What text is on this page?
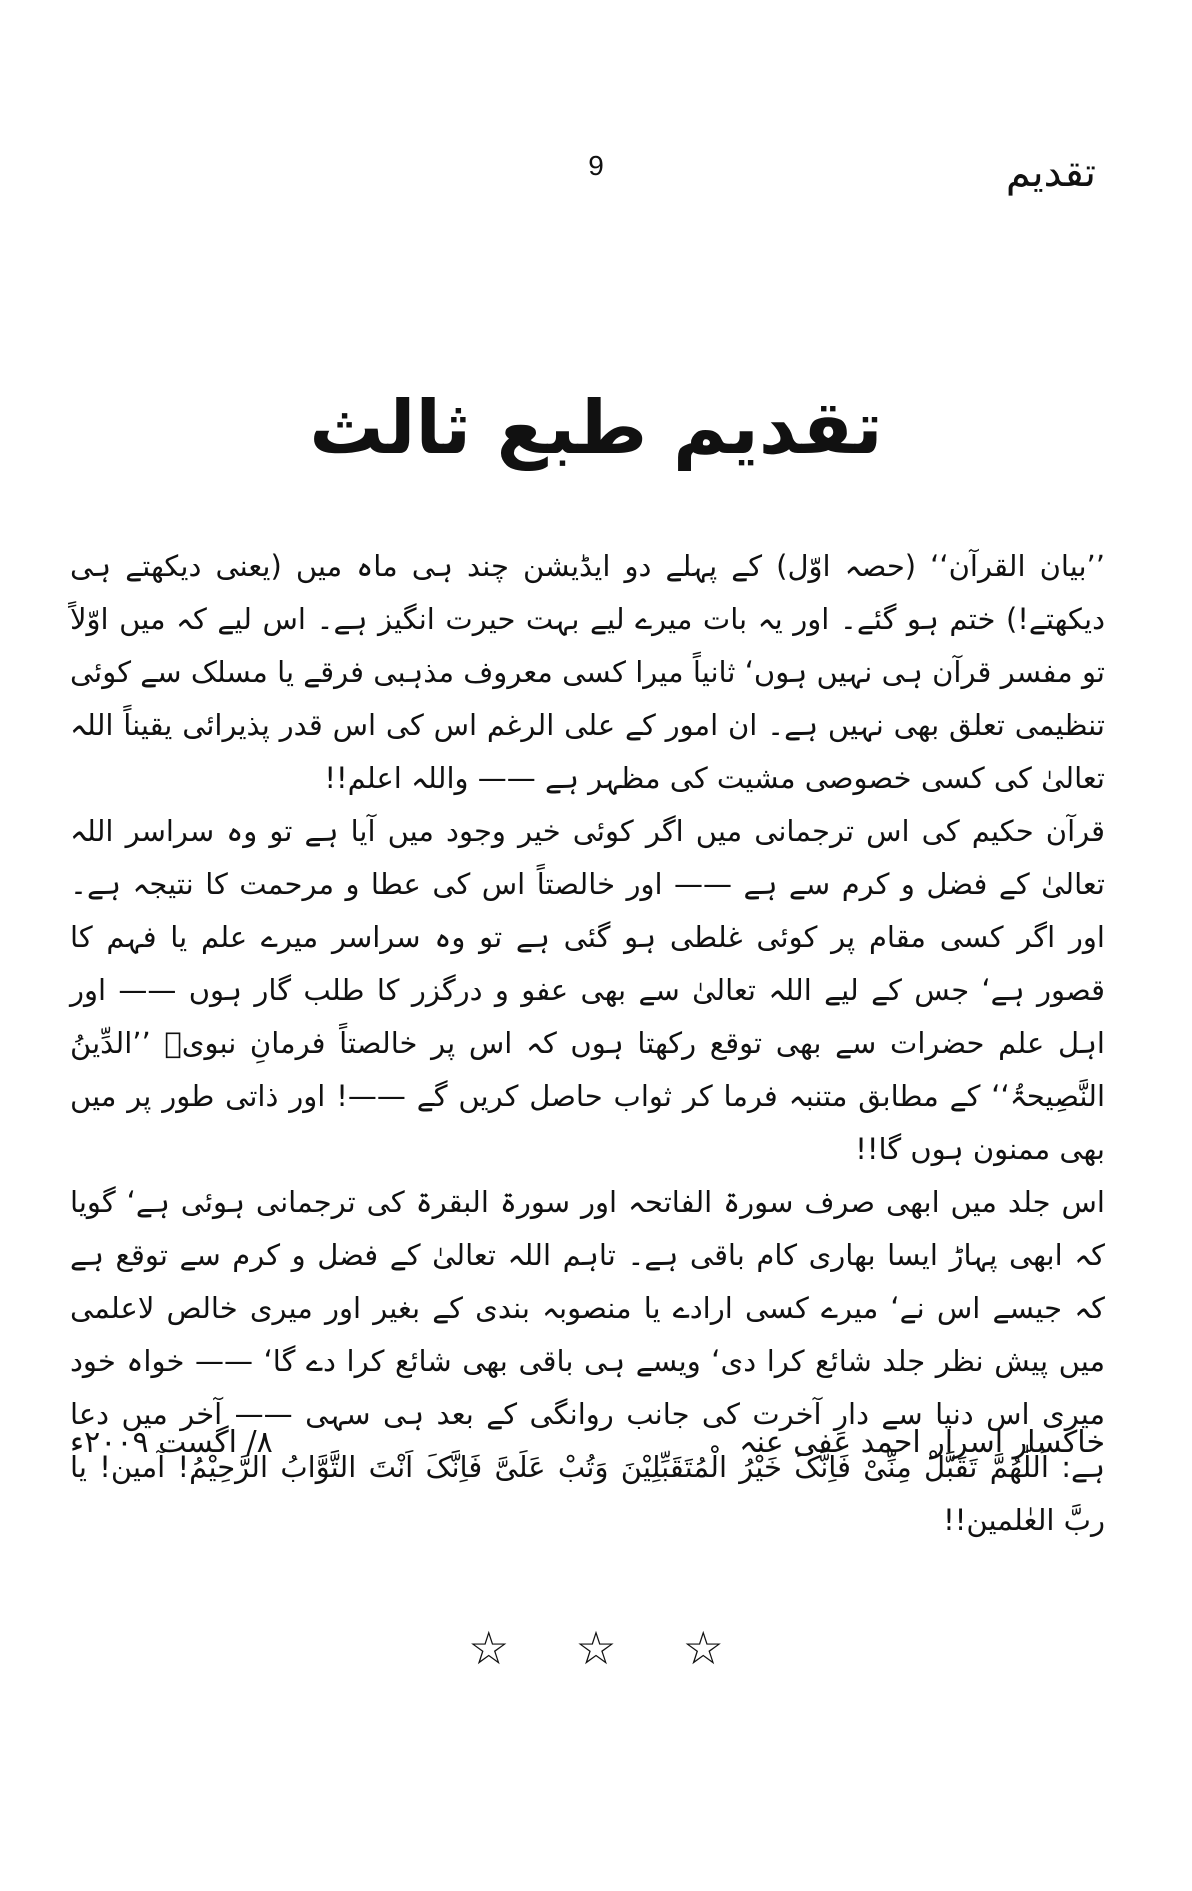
تقدیم
9
تقدیم طبع ثالث

’’بیان القرآن‘‘ (حصہ اوّل) کے پہلے دو ایڈیشن چند ہی ماہ میں (یعنی دیکھتے ہی دیکھتے!) ختم ہو گئے۔ اور یہ بات میرے لیے بہت حیرت انگیز ہے۔ اس لیے کہ میں اوّلاً تو مفسر قرآن ہی نہیں ہوں‘ ثانیاً میرا کسی معروف مذہبی فرقے یا مسلک سے کوئی تنظیمی تعلق بھی نہیں ہے۔ ان امور کے علی الرغم اس کی اس قدر پذیرائی یقیناً اللہ تعالیٰ کی کسی خصوصی مشیت کی مظہر ہے —— واللہ اعلم!!

قرآن حکیم کی اس ترجمانی میں اگر کوئی خیر وجود میں آیا ہے تو وہ سراسر اللہ تعالیٰ کے فضل و کرم سے ہے —— اور خالصتاً اس کی عطا و مرحمت کا نتیجہ ہے۔ اور اگر کسی مقام پر کوئی غلطی ہو گئی ہے تو وہ سراسر میرے علم یا فہم کا قصور ہے‘ جس کے لیے اللہ تعالیٰ سے بھی عفو و درگزر کا طلب گار ہوں —— اور اہل علم حضرات سے بھی توقع رکھتا ہوں کہ اس پر خالصتاً فرمانِ نبویؐ ’’الدِّینُ النَّصِیحۃُ‘‘ کے مطابق متنبہ فرما کر ثواب حاصل کریں گے ——! اور ذاتی طور پر میں بھی ممنون ہوں گا!!

اس جلد میں ابھی صرف سورۃ الفاتحہ اور سورۃ البقرۃ کی ترجمانی ہوئی ہے‘ گویا کہ ابھی پہاڑ ایسا بھاری کام باقی ہے۔ تاہم اللہ تعالیٰ کے فضل و کرم سے توقع ہے کہ جیسے اس نے‘ میرے کسی ارادے یا منصوبہ بندی کے بغیر اور میری خالص لاعلمی میں پیش نظر جلد شائع کرا دی‘ ویسے ہی باقی بھی شائع کرا دے گا‘ —— خواہ خود میری اس دنیا سے دارِ آخرت کی جانب روانگی کے بعد ہی سہی —— آخر میں دعا ہے: اَللّٰھُمَّ تَقَبَّلْ مِنِّیْ فَاِنَّکَ خَیْرُ الْمُتَقَبِّلِیْنَ وَتُبْ عَلَیَّ فَاِنَّکَ اَنْتَ التَّوَّابُ الرَّحِیْمُ! آمین! یا ربَّ العٰلمین!!

خاکسار اسرار احمد عفی عنہ
۸/ اگست ۲۰۰۹ء
☆ ☆ ☆
